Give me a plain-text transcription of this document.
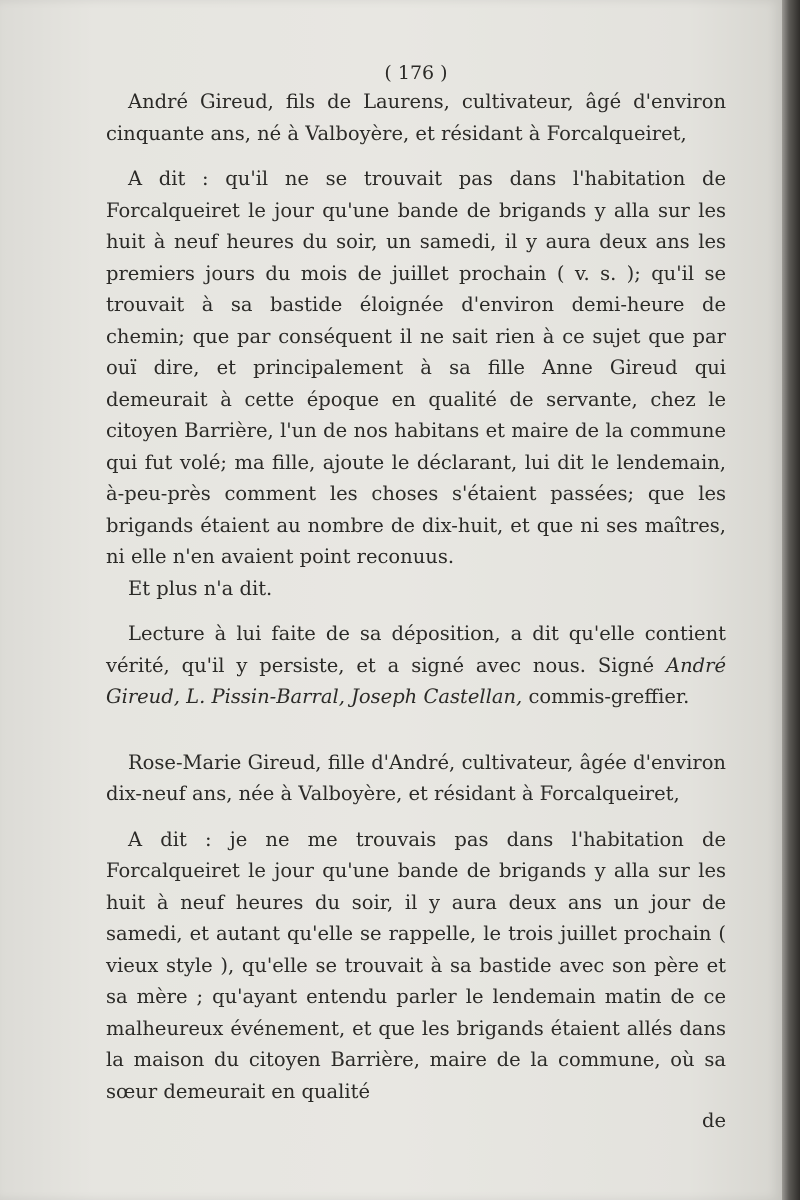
( 176 )

André Gireud, fils de Laurens, cultivateur, âgé d'environ cinquante ans, né à Valboyère, et résidant à Forcalqueiret,

A dit : qu'il ne se trouvait pas dans l'habitation de Forcalqueiret le jour qu'une bande de brigands y alla sur les huit à neuf heures du soir, un samedi, il y aura deux ans les premiers jours du mois de juillet prochain ( v. s. ); qu'il se trouvait à sa bastide éloignée d'environ demi-heure de chemin; que par conséquent il ne sait rien à ce sujet que par ouï dire, et principalement à sa fille Anne Gireud qui demeurait à cette époque en qualité de servante, chez le citoyen Barrière, l'un de nos habitans et maire de la commune qui fut volé; ma fille, ajoute le déclarant, lui dit le lendemain, à-peu-près comment les choses s'étaient passées; que les brigands étaient au nombre de dix-huit, et que ni ses maîtres, ni elle n'en avaient point reconuus.

Et plus n'a dit.

Lecture à lui faite de sa déposition, a dit qu'elle contient vérité, qu'il y persiste, et a signé avec nous. Signé André Gireud, L. Pissin-Barral, Joseph Castellan, commis-greffier.

Rose-Marie Gireud, fille d'André, cultivateur, âgée d'environ dix-neuf ans, née à Valboyère, et résidant à Forcalqueiret,

A dit : je ne me trouvais pas dans l'habitation de Forcalqueiret le jour qu'une bande de brigands y alla sur les huit à neuf heures du soir, il y aura deux ans un jour de samedi, et autant qu'elle se rappelle, le trois juillet prochain ( vieux style ), qu'elle se trouvait à sa bastide avec son père et sa mère ; qu'ayant entendu parler le lendemain matin de ce malheureux événement, et que les brigands étaient allés dans la maison du citoyen Barrière, maire de la commune, où sa sœur demeurait en qualité

de
